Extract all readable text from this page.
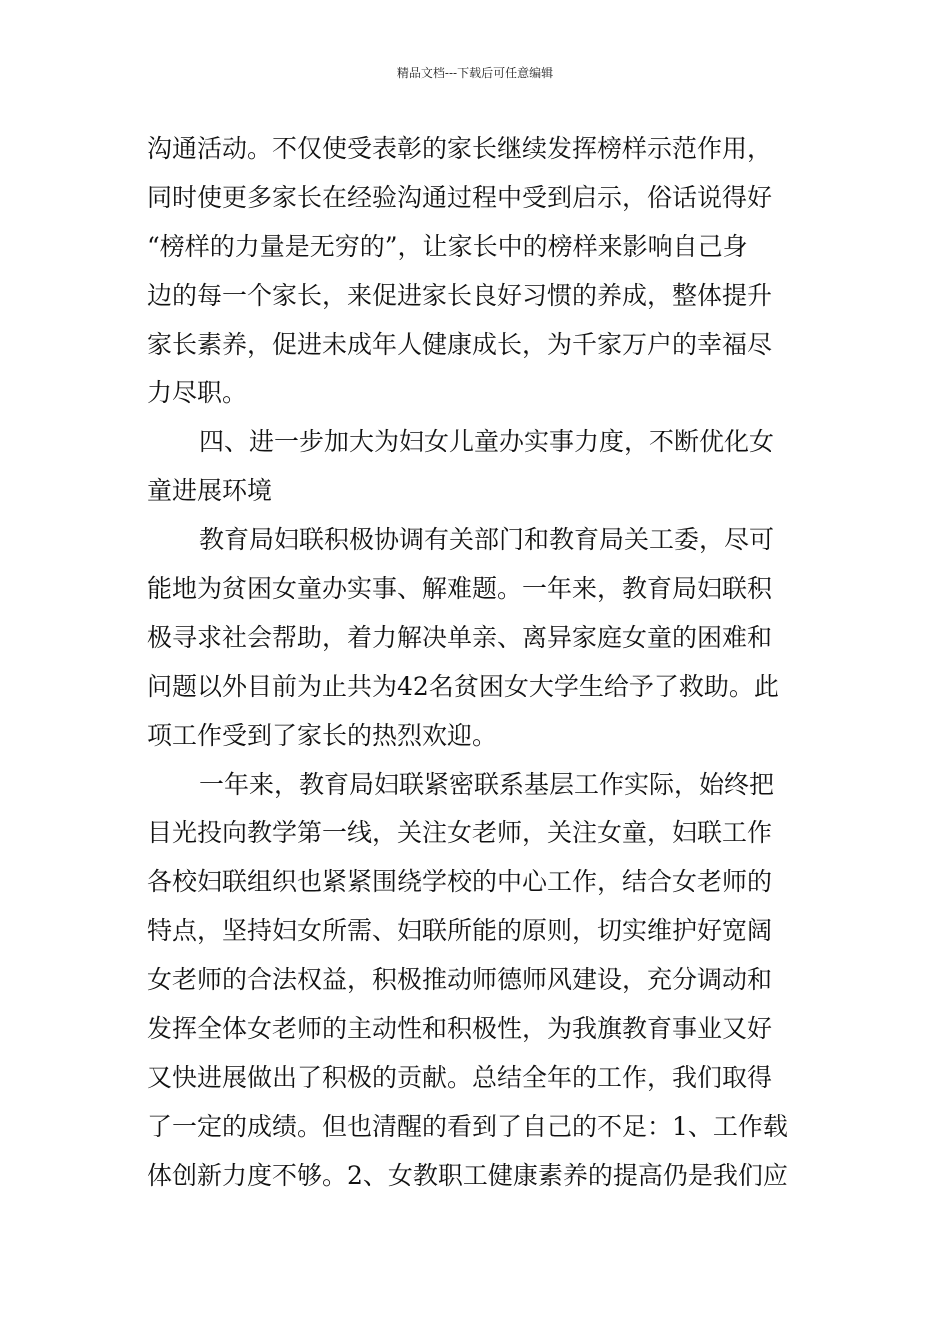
精品文档---下载后可任意编辑

沟通活动。不仅使受表彰的家长继续发挥榜样示范作用，
同时使更多家长在经验沟通过程中受到启示，俗话说得好
“榜样的力量是无穷的”，让家长中的榜样来影响自己身
边的每一个家长，来促进家长良好习惯的养成，整体提升
家长素养，促进未成年人健康成长，为千家万户的幸福尽
力尽职。

四、进一步加大为妇女儿童办实事力度，不断优化女
童进展环境

教育局妇联积极协调有关部门和教育局关工委，尽可
能地为贫困女童办实事、解难题。一年来，教育局妇联积
极寻求社会帮助，着力解决单亲、离异家庭女童的困难和
问题以外目前为止共为42名贫困女大学生给予了救助。此
项工作受到了家长的热烈欢迎。

一年来，教育局妇联紧密联系基层工作实际，始终把
目光投向教学第一线，关注女老师，关注女童，妇联工作
各校妇联组织也紧紧围绕学校的中心工作，结合女老师的
特点，坚持妇女所需、妇联所能的原则，切实维护好宽阔
女老师的合法权益，积极推动师德师风建设，充分调动和
发挥全体女老师的主动性和积极性，为我旗教育事业又好
又快进展做出了积极的贡献。总结全年的工作，我们取得
了一定的成绩。但也清醒的看到了自己的不足：1、工作载
体创新力度不够。2、女教职工健康素养的提高仍是我们应
